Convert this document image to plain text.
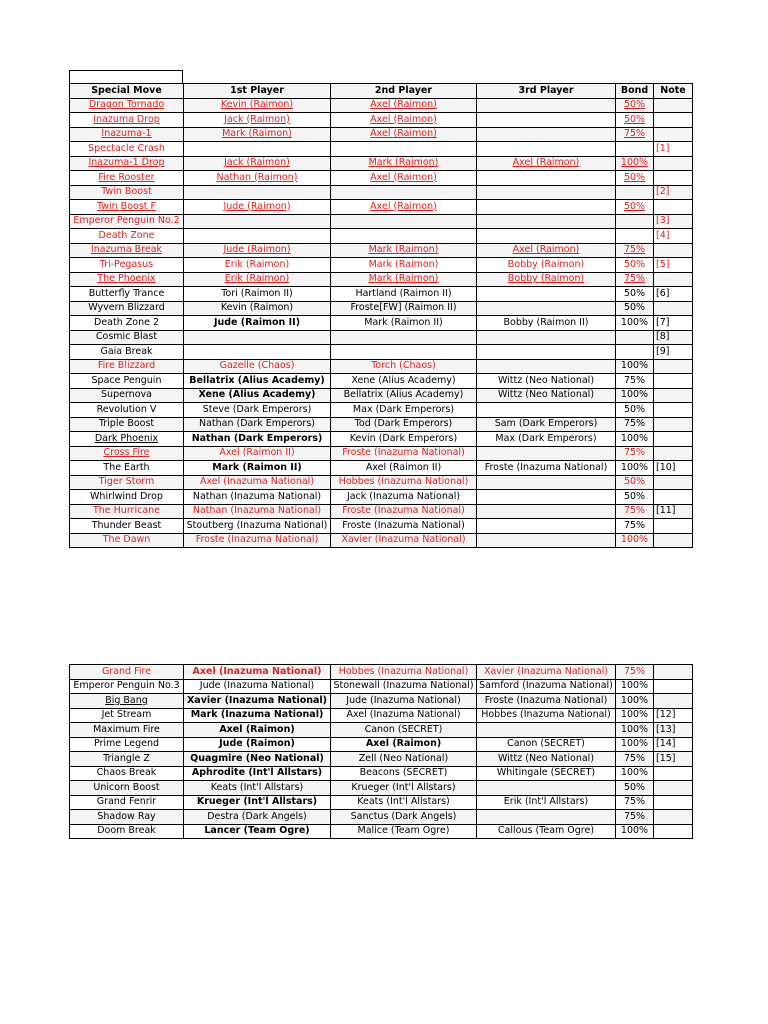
Special Move	1st Player	2nd Player	3rd Player	Bond	Note
Dragon Tornado	Kevin (Raimon)	Axel (Raimon)		50%	
Inazuma Drop	Jack (Raimon)	Axel (Raimon)		50%	
Inazuma-1	Mark (Raimon)	Axel (Raimon)		75%	
Spectacle Crash					[1]
Inazuma-1 Drop	Jack (Raimon)	Mark (Raimon)	Axel (Raimon)	100%	
Fire Rooster	Nathan (Raimon)	Axel (Raimon)		50%	
Twin Boost					[2]
Twin Boost F	Jude (Raimon)	Axel (Raimon)		50%	
Emperor Penguin No.2					[3]
Death Zone					[4]
Inazuma Break	Jude (Raimon)	Mark (Raimon)	Axel (Raimon)	75%	
Tri-Pegasus	Erik (Raimon)	Mark (Raimon)	Bobby (Raimon)	50%	[5]
The Phoenix	Erik (Raimon)	Mark (Raimon)	Bobby (Raimon)	75%	
Butterfly Trance	Tori (Raimon II)	Hartland (Raimon II)		50%	[6]
Wyvern Blizzard	Kevin (Raimon)	Froste[FW] (Raimon II)		50%	
Death Zone 2	Jude (Raimon II)	Mark (Raimon II)	Bobby (Raimon II)	100%	[7]
Cosmic Blast					[8]
Gaia Break					[9]
Fire Blizzard	Gazelle (Chaos)	Torch (Chaos)		100%	
Space Penguin	Bellatrix (Alius Academy)	Xene (Alius Academy)	Wittz (Neo National)	75%	
Supernova	Xene (Alius Academy)	Bellatrix (Alius Academy)	Wittz (Neo National)	100%	
Revolution V	Steve (Dark Emperors)	Max (Dark Emperors)		50%	
Triple Boost	Nathan (Dark Emperors)	Tod (Dark Emperors)	Sam (Dark Emperors)	75%	
Dark Phoenix	Nathan (Dark Emperors)	Kevin (Dark Emperors)	Max (Dark Emperors)	100%	
Cross Fire	Axel (Raimon II)	Froste (Inazuma National)		75%	
The Earth	Mark (Raimon II)	Axel (Raimon II)	Froste (Inazuma National)	100%	[10]
Tiger Storm	Axel (Inazuma National)	Hobbes (Inazuma National)		50%	
Whirlwind Drop	Nathan (Inazuma National)	Jack (Inazuma National)		50%	
The Hurricane	Nathan (Inazuma National)	Froste (Inazuma National)		75%	[11]
Thunder Beast	Stoutberg (Inazuma National)	Froste (Inazuma National)		75%	
The Dawn	Froste (Inazuma National)	Xavier (Inazuma National)		100%	
Grand Fire	Axel (Inazuma National)	Hobbes (Inazuma National)	Xavier (Inazuma National)	75%	
Emperor Penguin No.3	Jude (Inazuma National)	Stonewall (Inazuma National)	Samford (Inazuma National)	100%	
Big Bang	Xavier (Inazuma National)	Jude (Inazuma National)	Froste (Inazuma National)	100%	
Jet Stream	Mark (Inazuma National)	Axel (Inazuma National)	Hobbes (Inazuma National)	100%	[12]
Maximum Fire	Axel (Raimon)	Canon (SECRET)		100%	[13]
Prime Legend	Jude (Raimon)	Axel (Raimon)	Canon (SECRET)	100%	[14]
Triangle Z	Quagmire (Neo National)	Zell (Neo National)	Wittz (Neo National)	75%	[15]
Chaos Break	Aphrodite (Int'l Allstars)	Beacons (SECRET)	Whitingale (SECRET)	100%	
Unicorn Boost	Keats (Int'l Allstars)	Krueger (Int'l Allstars)		50%	
Grand Fenrir	Krueger (Int'l Allstars)	Keats (Int'l Allstars)	Erik (Int'l Allstars)	75%	
Shadow Ray	Destra (Dark Angels)	Sanctus (Dark Angels)		75%	
Doom Break	Lancer (Team Ogre)	Malice (Team Ogre)	Callous (Team Ogre)	100%	
